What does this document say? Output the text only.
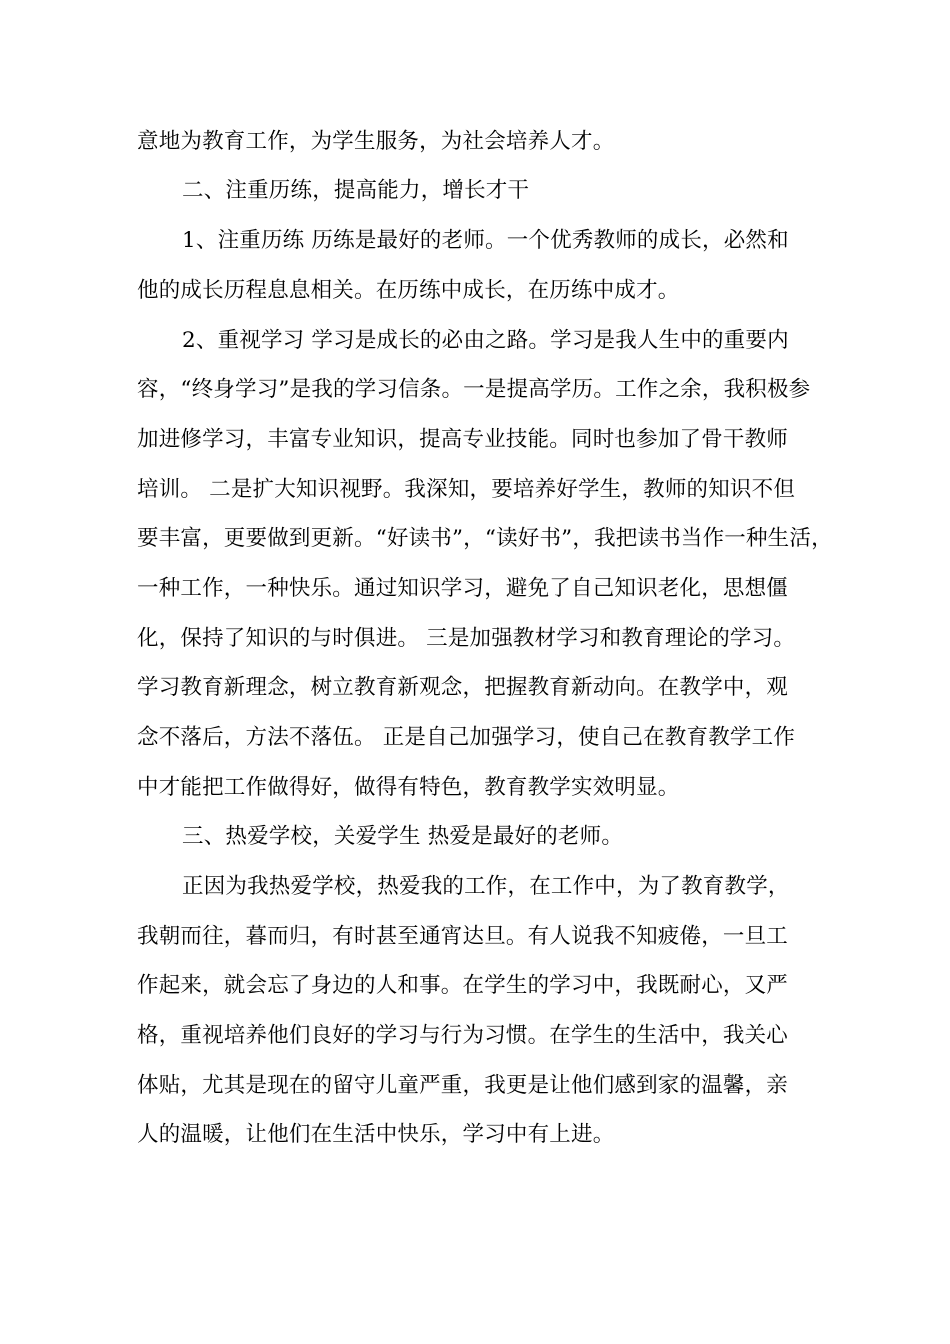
意地为教育工作，为学生服务，为社会培养人才。
二、注重历练，提高能力，增长才干
1、注重历练 历练是最好的老师。一个优秀教师的成长，必然和
他的成长历程息息相关。在历练中成长，在历练中成才。
2、重视学习 学习是成长的必由之路。学习是我人生中的重要内
容，“终身学习”是我的学习信条。一是提高学历。工作之余，我积极参
加进修学习，丰富专业知识，提高专业技能。同时也参加了骨干教师
培训。 二是扩大知识视野。我深知，要培养好学生，教师的知识不但
要丰富，更要做到更新。“好读书”，“读好书”，我把读书当作一种生活，
一种工作，一种快乐。通过知识学习，避免了自己知识老化，思想僵
化，保持了知识的与时俱进。 三是加强教材学习和教育理论的学习。
学习教育新理念，树立教育新观念，把握教育新动向。在教学中，观
念不落后，方法不落伍。 正是自己加强学习，使自己在教育教学工作
中才能把工作做得好，做得有特色，教育教学实效明显。
三、热爱学校，关爱学生 热爱是最好的老师。
正因为我热爱学校，热爱我的工作，在工作中，为了教育教学，
我朝而往，暮而归，有时甚至通宵达旦。有人说我不知疲倦，一旦工
作起来，就会忘了身边的人和事。在学生的学习中，我既耐心，又严
格，重视培养他们良好的学习与行为习惯。在学生的生活中，我关心
体贴，尤其是现在的留守儿童严重，我更是让他们感到家的温馨，亲
人的温暖，让他们在生活中快乐，学习中有上进。
